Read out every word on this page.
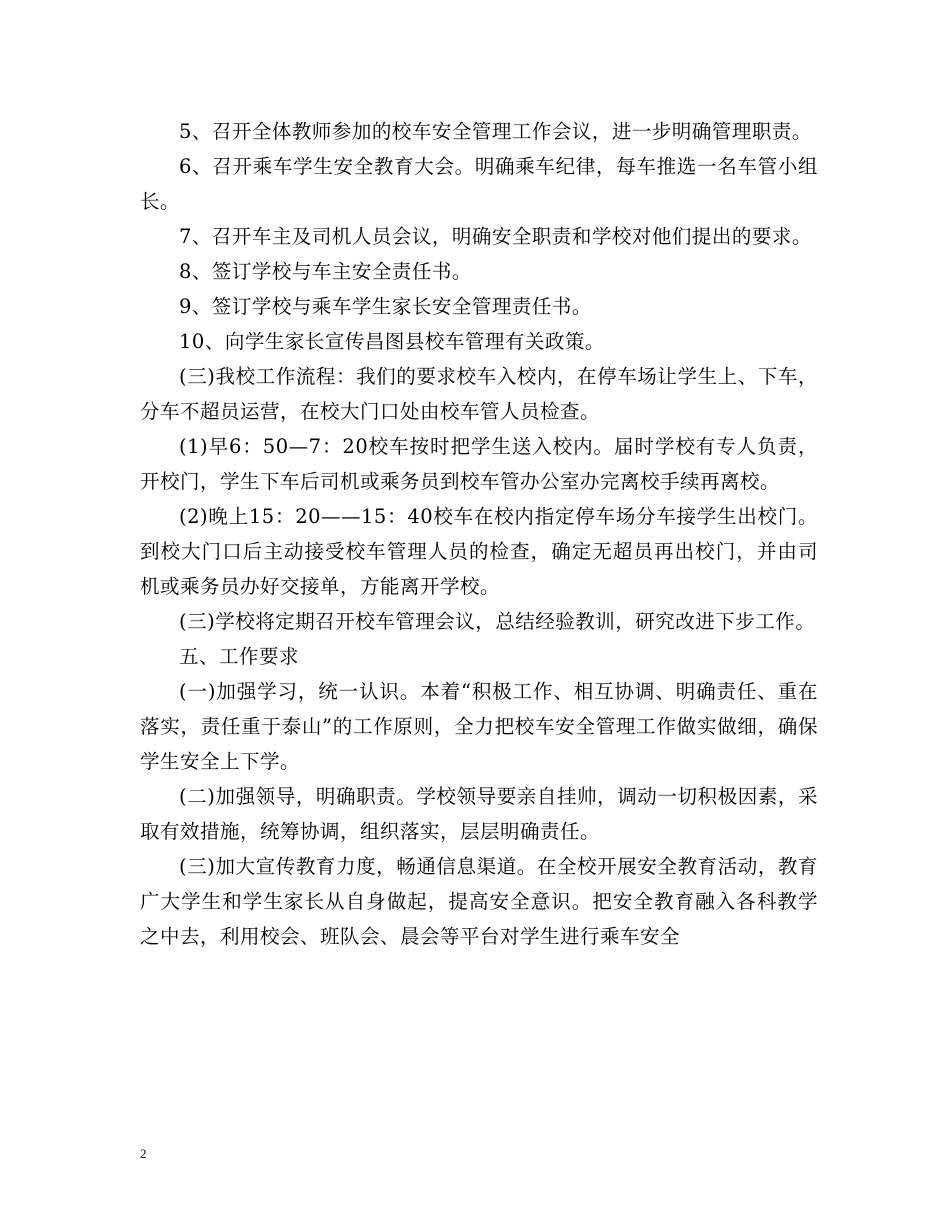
5、召开全体教师参加的校车安全管理工作会议，进一步明确管理职责。

6、召开乘车学生安全教育大会。明确乘车纪律，每车推选一名车管小组长。

7、召开车主及司机人员会议，明确安全职责和学校对他们提出的要求。

8、签订学校与车主安全责任书。

9、签订学校与乘车学生家长安全管理责任书。

10、向学生家长宣传昌图县校车管理有关政策。

(三)我校工作流程：我们的要求校车入校内，在停车场让学生上、下车，分车不超员运营，在校大门口处由校车管人员检查。

(1)早6：50—7：20校车按时把学生送入校内。届时学校有专人负责，开校门，学生下车后司机或乘务员到校车管办公室办完离校手续再离校。

(2)晚上15：20——15：40校车在校内指定停车场分车接学生出校门。到校大门口后主动接受校车管理人员的检查，确定无超员再出校门，并由司机或乘务员办好交接单，方能离开学校。

(三)学校将定期召开校车管理会议，总结经验教训，研究改进下步工作。

五、工作要求

(一)加强学习，统一认识。本着“积极工作、相互协调、明确责任、重在落实，责任重于泰山”的工作原则，全力把校车安全管理工作做实做细，确保学生安全上下学。

(二)加强领导，明确职责。学校领导要亲自挂帅，调动一切积极因素，采取有效措施，统筹协调，组织落实，层层明确责任。

(三)加大宣传教育力度，畅通信息渠道。在全校开展安全教育活动，教育广大学生和学生家长从自身做起，提高安全意识。把安全教育融入各科教学之中去，利用校会、班队会、晨会等平台对学生进行乘车安全

2
